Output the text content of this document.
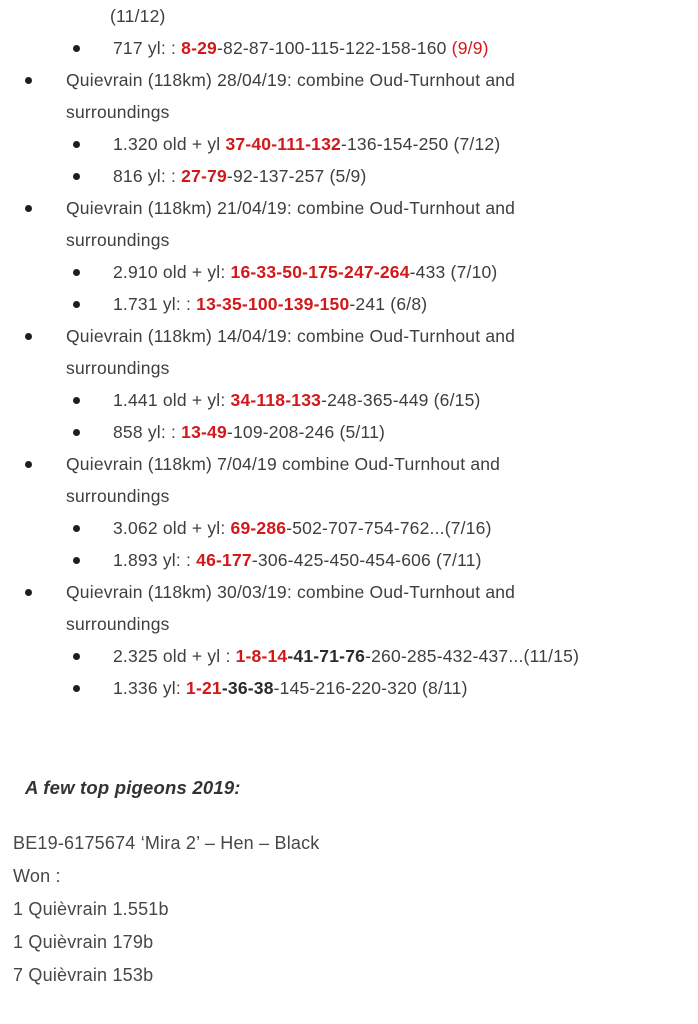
(11/12)
717 yl: : 8-29-82-87-100-115-122-158-160 (9/9)
Quievrain (118km) 28/04/19: combine Oud-Turnhout and
surroundings
1.320 old + yl 37-40-111-132-136-154-250 (7/12)
816 yl: : 27-79-92-137-257 (5/9)
Quievrain (118km) 21/04/19: combine Oud-Turnhout and
surroundings
2.910 old + yl: 16-33-50-175-247-264-433 (7/10)
1.731 yl: : 13-35-100-139-150-241 (6/8)
Quievrain (118km) 14/04/19: combine Oud-Turnhout and
surroundings
1.441 old + yl: 34-118-133-248-365-449 (6/15)
858 yl: : 13-49-109-208-246 (5/11)
Quievrain (118km) 7/04/19 combine Oud-Turnhout and
surroundings
3.062 old + yl: 69-286-502-707-754-762...(7/16)
1.893 yl: : 46-177-306-425-450-454-606 (7/11)
Quievrain (118km) 30/03/19: combine Oud-Turnhout and
surroundings
2.325 old + yl : 1-8-14-41-71-76-260-285-432-437...(11/15)
1.336 yl: 1-21-36-38-145-216-220-320 (8/11)
A few top pigeons 2019:
BE19-6175674 ‘Mira 2’ – Hen – Black
Won :
1 Quièvrain 1.551b
1 Quièvrain 179b
7 Quièvrain 153b
